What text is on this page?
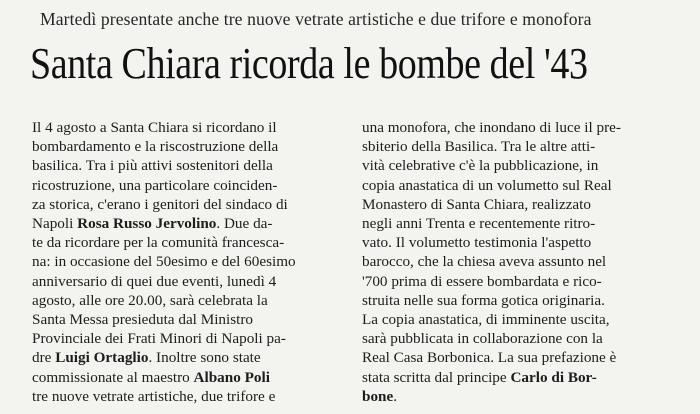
Martedì presentate anche tre nuove vetrate artistiche e due trifore e monofora
Santa Chiara ricorda le bombe del '43
Il 4 agosto a Santa Chiara si ricordano il
bombardamento e la riscostruzione della
basilica. Tra i più attivi sostenitori della
ricostruzione, una particolare coinciden-
za storica, c'erano i genitori del sindaco di
Napoli Rosa Russo Jervolino. Due da-
te da ricordare per la comunità francesca-
na: in occasione del 50esimo e del 60esimo
anniversario di quei due eventi, lunedì 4
agosto, alle ore 20.00, sarà celebrata la
Santa Messa presieduta dal Ministro
Provinciale dei Frati Minori di Napoli pa-
dre Luigi Ortaglio. Inoltre sono state
commissionate al maestro Albano Poli
tre nuove vetrate artistiche, due trifore e
una monofora, che inondano di luce il pre-
sbiterio della Basilica. Tra le altre atti-
vità celebrative c'è la pubblicazione, in
copia anastatica di un volumetto sul Real
Monastero di Santa Chiara, realizzato
negli anni Trenta e recentemente ritro-
vato. Il volumetto testimonia l'aspetto
barocco, che la chiesa aveva assunto nel
'700 prima di essere bombardata e rico-
struita nelle sua forma gotica originaria.
La copia anastatica, di imminente uscita,
sarà pubblicata in collaborazione con la
Real Casa Borbonica. La sua prefazione è
stata scritta dal principe Carlo di Bor-
bone.
